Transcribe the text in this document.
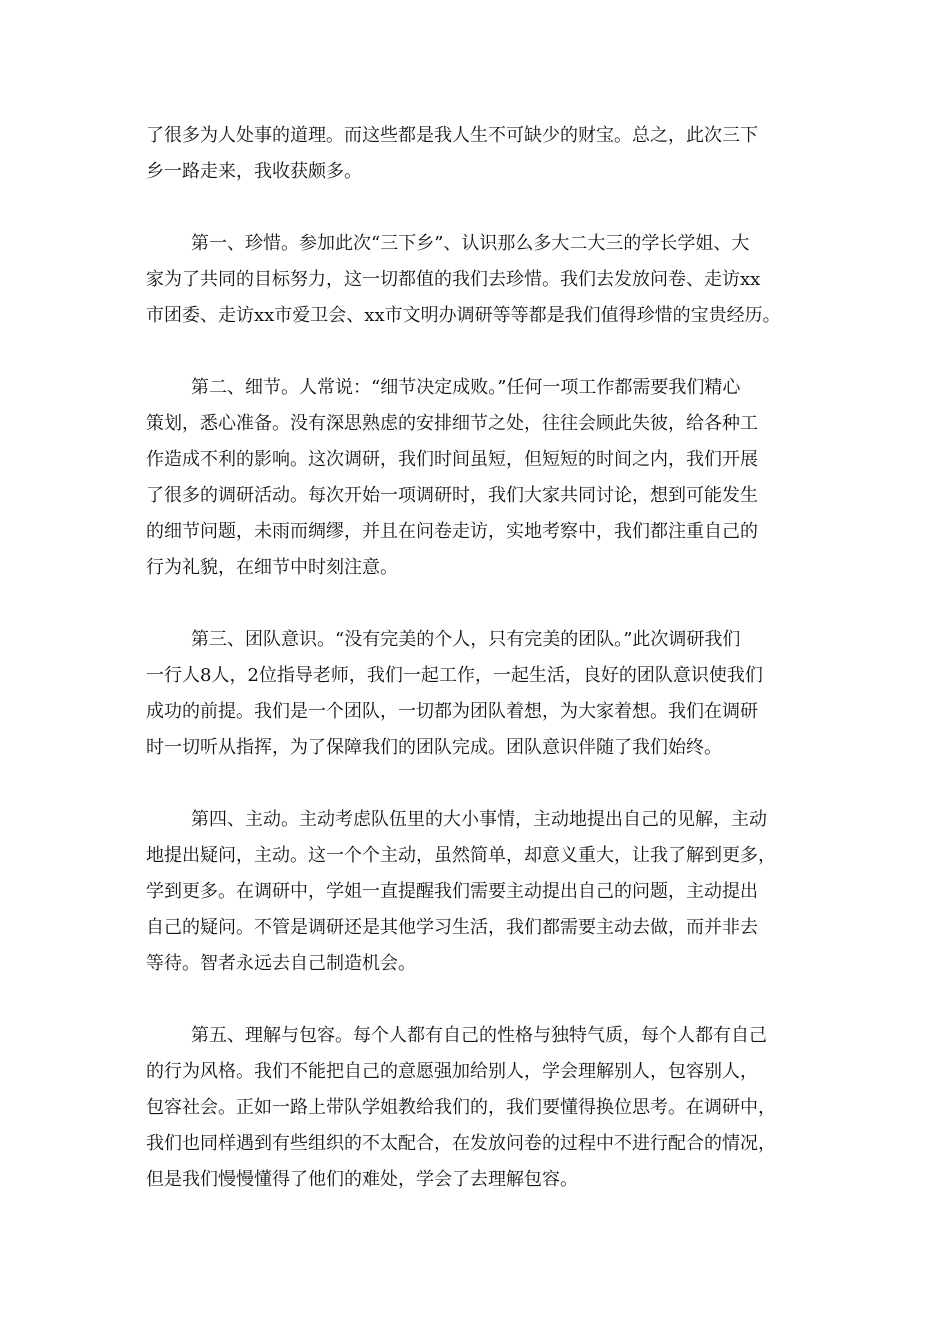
了很多为人处事的道理。而这些都是我人生不可缺少的财宝。总之，此次三下
乡一路走来，我收获颇多。
第一、珍惜。参加此次“三下乡”、认识那么多大二大三的学长学姐、大
家为了共同的目标努力，这一切都值的我们去珍惜。我们去发放问卷、走访xx
市团委、走访xx市爱卫会、xx市文明办调研等等都是我们值得珍惜的宝贵经历。
第二、细节。人常说：“细节决定成败。”任何一项工作都需要我们精心
策划，悉心准备。没有深思熟虑的安排细节之处，往往会顾此失彼，给各种工
作造成不利的影响。这次调研，我们时间虽短，但短短的时间之内，我们开展
了很多的调研活动。每次开始一项调研时，我们大家共同讨论，想到可能发生
的细节问题，未雨而绸缪，并且在问卷走访，实地考察中，我们都注重自己的
行为礼貌，在细节中时刻注意。
第三、团队意识。“没有完美的个人，只有完美的团队。”此次调研我们
一行人8人，2位指导老师，我们一起工作，一起生活，良好的团队意识使我们
成功的前提。我们是一个团队，一切都为团队着想，为大家着想。我们在调研
时一切听从指挥，为了保障我们的团队完成。团队意识伴随了我们始终。
第四、主动。主动考虑队伍里的大小事情，主动地提出自己的见解，主动
地提出疑问，主动。这一个个主动，虽然简单，却意义重大，让我了解到更多，
学到更多。在调研中，学姐一直提醒我们需要主动提出自己的问题，主动提出
自己的疑问。不管是调研还是其他学习生活，我们都需要主动去做，而并非去
等待。智者永远去自己制造机会。
第五、理解与包容。每个人都有自己的性格与独特气质，每个人都有自己
的行为风格。我们不能把自己的意愿强加给别人，学会理解别人，包容别人，
包容社会。正如一路上带队学姐教给我们的，我们要懂得换位思考。在调研中，
我们也同样遇到有些组织的不太配合，在发放问卷的过程中不进行配合的情况，
但是我们慢慢懂得了他们的难处，学会了去理解包容。
